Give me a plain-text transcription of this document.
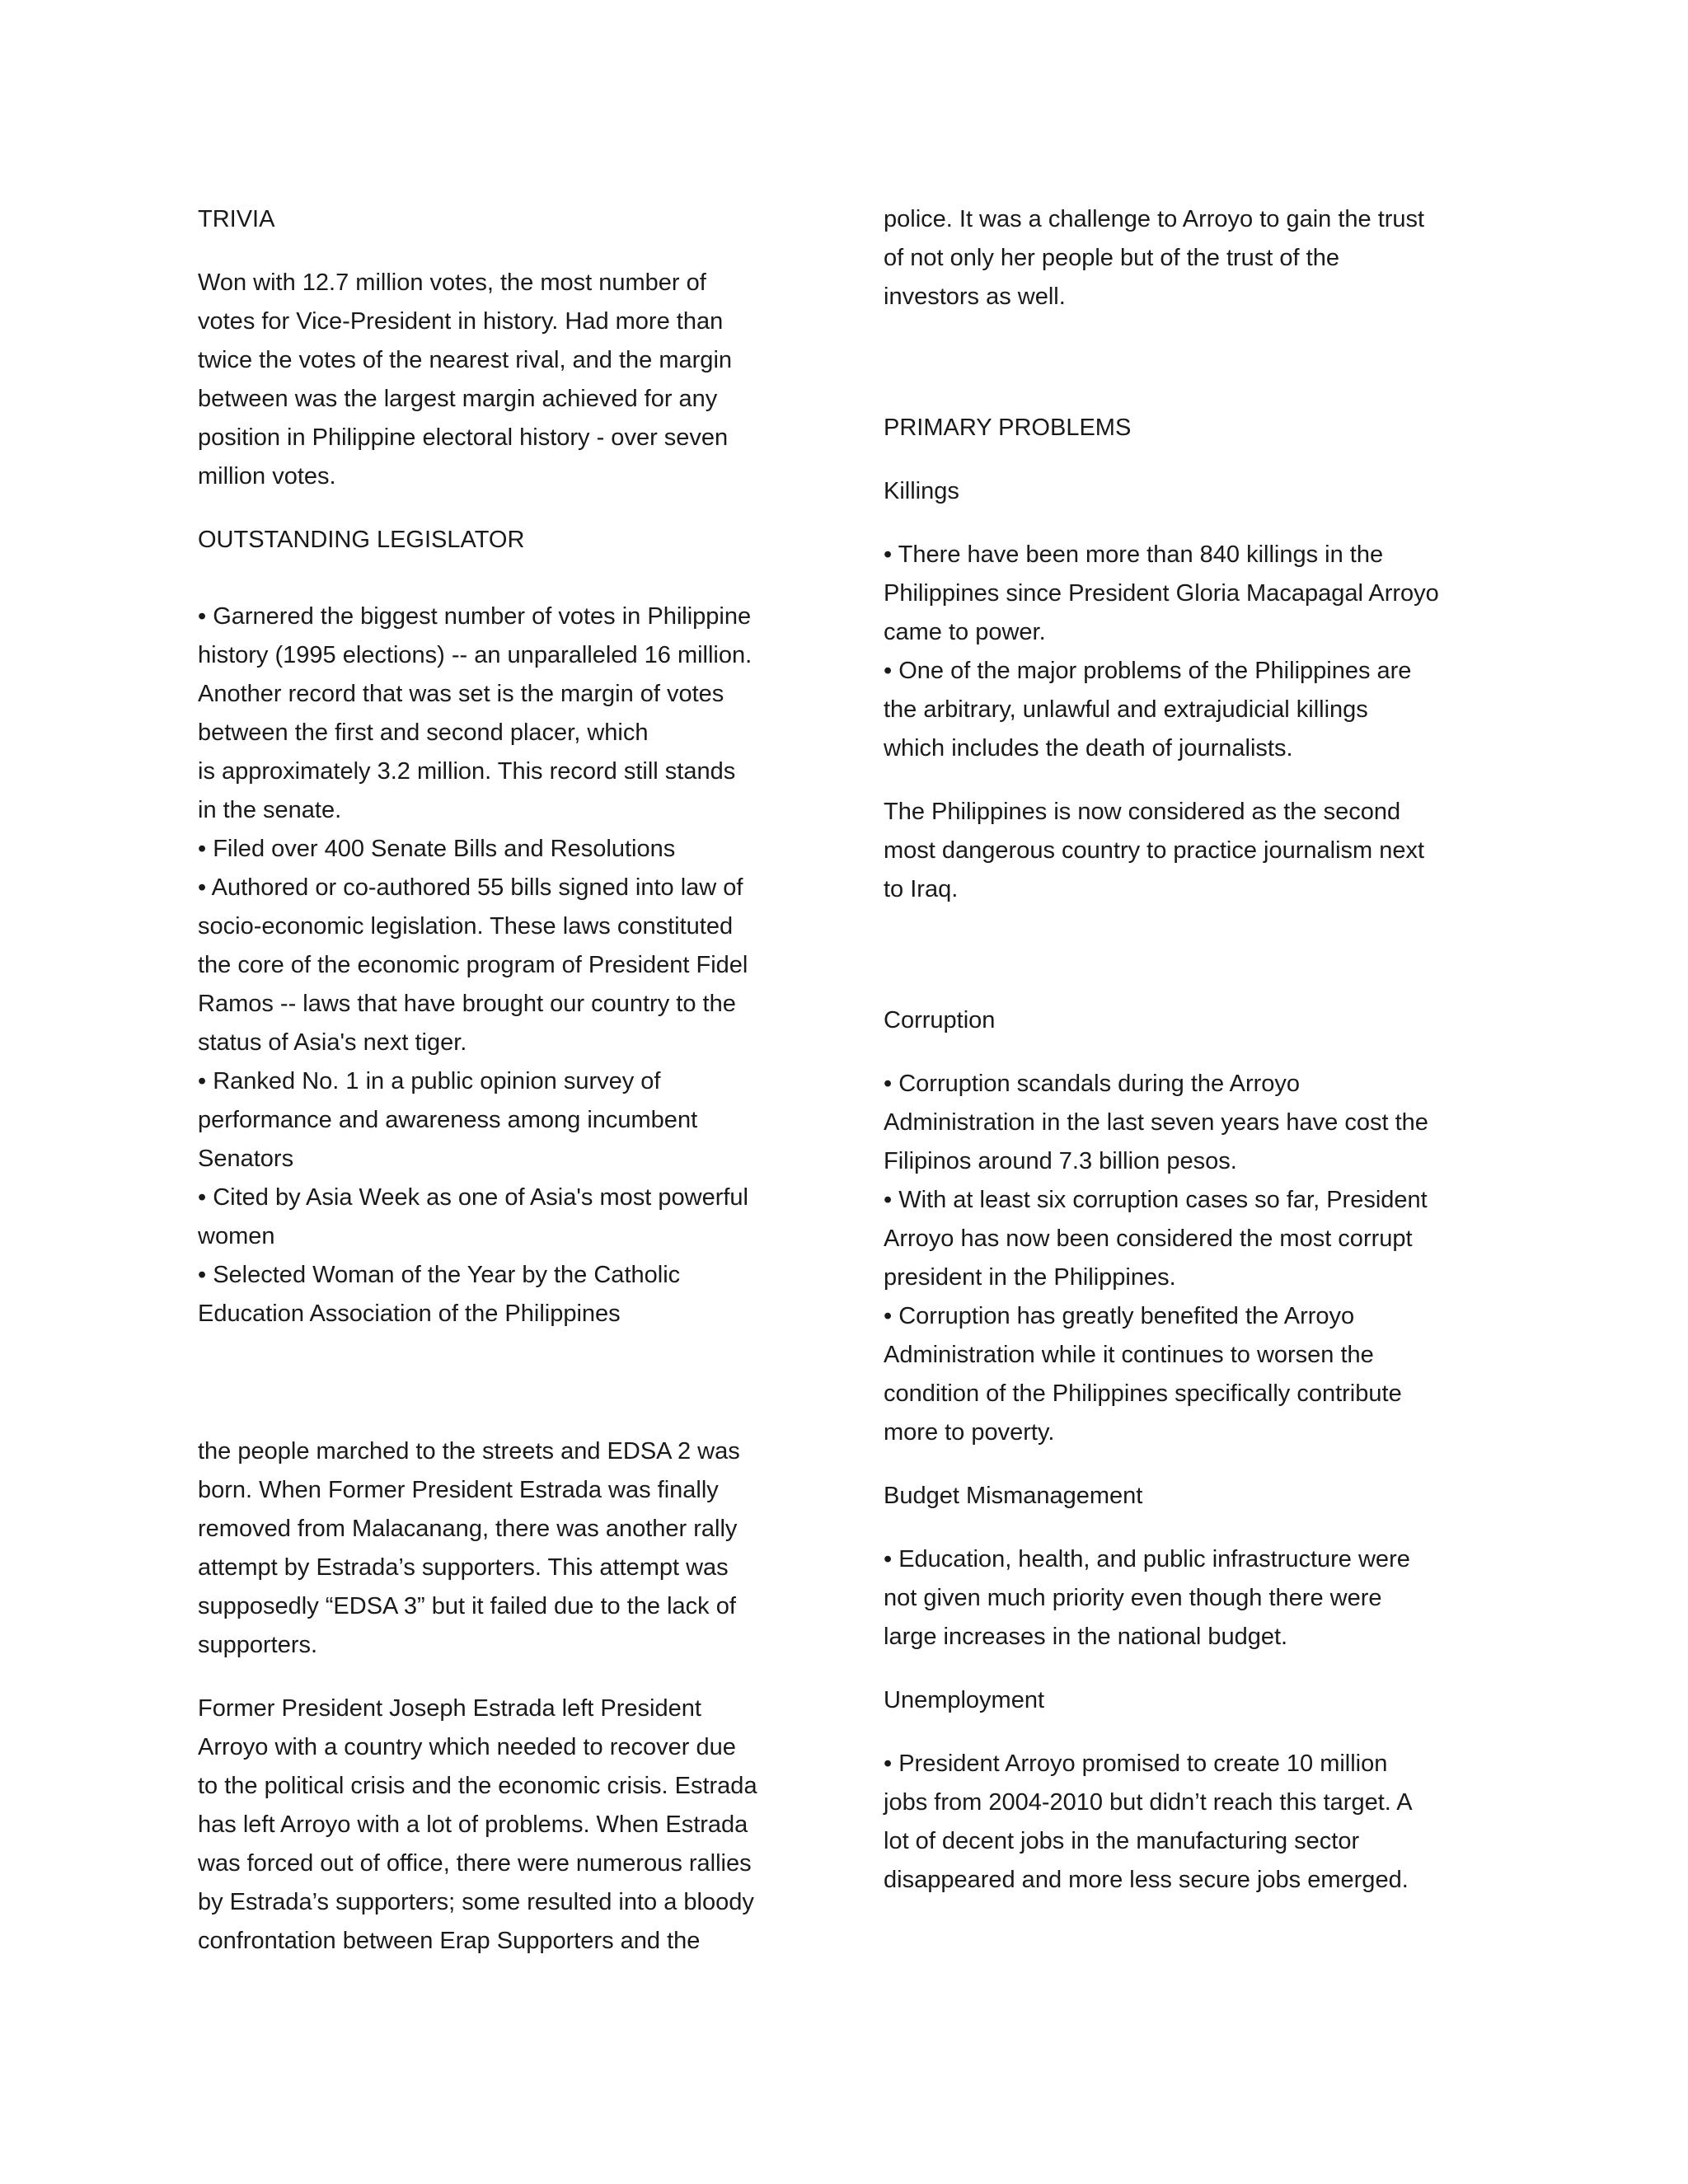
TRIVIA

Won with 12.7 million votes, the most number of
votes for Vice-President in history. Had more than
twice the votes of the nearest rival, and the margin
between was the largest margin achieved for any
position in Philippine electoral history - over seven
million votes.

OUTSTANDING LEGISLATOR

• Garnered the biggest number of votes in Philippine
history (1995 elections) -- an unparalleled 16 million.
Another record that was set is the margin of votes
between the first and second placer, which
is approximately 3.2 million. This record still stands
in the senate.

• Filed over 400 Senate Bills and Resolutions

• Authored or co-authored 55 bills signed into law of
socio-economic legislation. These laws constituted
the core of the economic program of President Fidel
Ramos -- laws that have brought our country to the
status of Asia's next tiger.

• Ranked No. 1 in a public opinion survey of
performance and awareness among incumbent
Senators

• Cited by Asia Week as one of Asia's most powerful
women

• Selected Woman of the Year by the Catholic
Education Association of the Philippines

the people marched to the streets and EDSA 2 was
born. When Former President Estrada was finally
removed from Malacanang, there was another rally
attempt by Estrada’s supporters. This attempt was
supposedly “EDSA 3” but it failed due to the lack of
supporters.

Former President Joseph Estrada left President
Arroyo with a country which needed to recover due
to the political crisis and the economic crisis. Estrada
has left Arroyo with a lot of problems. When Estrada
was forced out of office, there were numerous rallies
by Estrada’s supporters; some resulted into a bloody
confrontation between Erap Supporters and the

police. It was a challenge to Arroyo to gain the trust
of not only her people but of the trust of the
investors as well.

PRIMARY PROBLEMS

Killings

• There have been more than 840 killings in the
Philippines since President Gloria Macapagal Arroyo
came to power.

• One of the major problems of the Philippines are
the arbitrary, unlawful and extrajudicial killings
which includes the death of journalists.

The Philippines is now considered as the second
most dangerous country to practice journalism next
to Iraq.

Corruption

• Corruption scandals during the Arroyo
Administration in the last seven years have cost the
Filipinos around 7.3 billion pesos.

• With at least six corruption cases so far, President
Arroyo has now been considered the most corrupt
president in the Philippines.

• Corruption has greatly benefited the Arroyo
Administration while it continues to worsen the
condition of the Philippines specifically contribute
more to poverty.

Budget Mismanagement

• Education, health, and public infrastructure were
not given much priority even though there were
large increases in the national budget.

Unemployment

• President Arroyo promised to create 10 million
jobs from 2004-2010 but didn’t reach this target. A
lot of decent jobs in the manufacturing sector
disappeared and more less secure jobs emerged.
